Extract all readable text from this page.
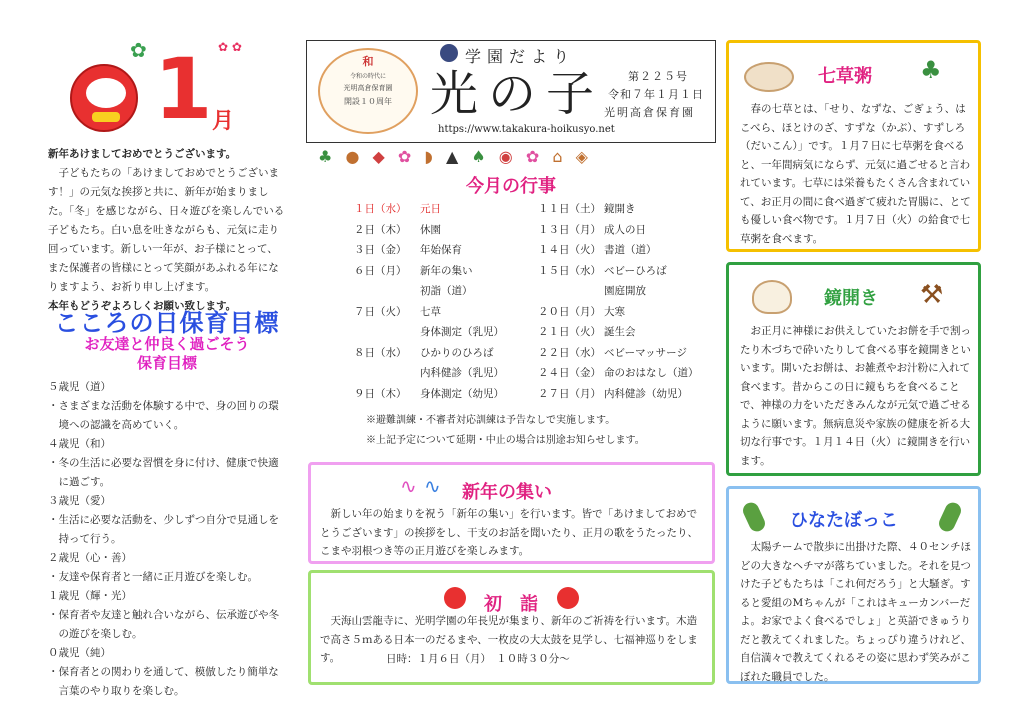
✿ 1 月
✿ ✿
新年あけましておめでとうございます。
子どもたちの「あけましておめでとうございます！」の元気な挨拶と共に、新年が始まりました。「冬」を感じながら、日々遊びを楽しんでいる子どもたち。白い息を吐きながらも、元気に走り回っています。新しい一年が、お子様にとって、また保護者の皆様にとって笑顔があふれる年になりますよう、お祈り申し上げます。
本年もどうぞよろしくお願い致します。
こころの日保育目標
お友達と仲良く過ごそう
保育目標
５歳児（道）
・さまざまな活動を体験する中で、身の回りの環境への認識を高めていく。
４歳児（和）
・冬の生活に必要な習慣を身に付け、健康で快適に過ごす。
３歳児（愛）
・生活に必要な活動を、少しずつ自分で見通しを持って行う。
２歳児（心・善）
・友達や保育者と一緒に正月遊びを楽しむ。
１歳児（輝・光）
・保育者や友達と触れ合いながら、伝承遊びや冬の遊びを楽しむ。
０歳児（純）
・保育者との関わりを通して、模倣したり簡単な言葉のやり取りを楽しむ。
和
令和の時代に
光明高倉保育園
開設１０周年
学園だより
光の子 第２２５号
令和７年１月１日
光明高倉保育園
https://www.takakura-hoikusyo.net
♣ ● ◆ ✿ ◗ ▲ ♠ ◉ ✿ ⌂ ◈
今月の行事
１日（水） 元日
２日（木） 休園
３日（金） 年始保育
６日（月） 新年の集い
初詣（道）
７日（火） 七草
身体測定（乳児）
８日（水） ひかりのひろば
内科健診（乳児）
９日（木） 身体測定（幼児）
１１日（土） 鏡開き
１３日（月） 成人の日
１４日（火） 書道（道）
１５日（水） ベビーひろば
園庭開放
２０日（月） 大寒
２１日（火） 誕生会
２２日（水） ベビーマッサージ
２４日（金） 命のおはなし（道）
２７日（月） 内科健診（幼児）
※避難訓練・不審者対応訓練は予告なしで実施します。
※上記予定について延期・中止の場合は別途お知らせします。
∿ ∿ 新年の集い
新しい年の始まりを祝う「新年の集い」を行います。皆で「あけましておめでとうございます」の挨拶をし、干支のお話を聞いたり、正月の歌をうたったり、こまや羽根つき等の正月遊びを楽しみます。
初　詣
天海山雲龍寺に、光明学園の年長児が集まり、新年のご祈祷を行います。木造で高さ５ｍある日本一のだるまや、一枚皮の大太鼓を見学し、七福神巡りをします。	日時：１月６日（月）　１０時３０分～
七草粥 ♣
春の七草とは、「せり、なずな、ごぎょう、はこべら、ほとけのざ、すずな（かぶ）、すずしろ（だいこん）」です。１月７日に七草粥を食べると、一年間病気にならず、元気に過ごせると言われています。七草には栄養もたくさん含まれていて、お正月の間に食べ過ぎて疲れた胃腸に、とても優しい食べ物です。１月７日（火）の給食で七草粥を食べます。
鏡開き ⚒
お正月に神様にお供えしていたお餅を手で割ったり木づちで砕いたりして食べる事を鏡開きといいます。開いたお餅は、お雑煮やお汁粉に入れて食べます。昔からこの日に鏡もちを食べることで、神様の力をいただきみんなが元気で過ごせるように願います。無病息災や家族の健康を祈る大切な行事です。１月１４日（火）に鏡開きを行います。
ひなたぼっこ
太陽チームで散歩に出掛けた際、４０センチほどの大きなヘチマが落ちていました。それを見つけた子どもたちは「これ何だろう」と大騒ぎ。すると愛組のMちゃんが「これはキューカンバーだよ。お家でよく食べるでしょ」と英語できゅうりだと教えてくれました。ちょっぴり違うけれど、自信満々で教えてくれるその姿に思わず笑みがこぼれた職員でした。
